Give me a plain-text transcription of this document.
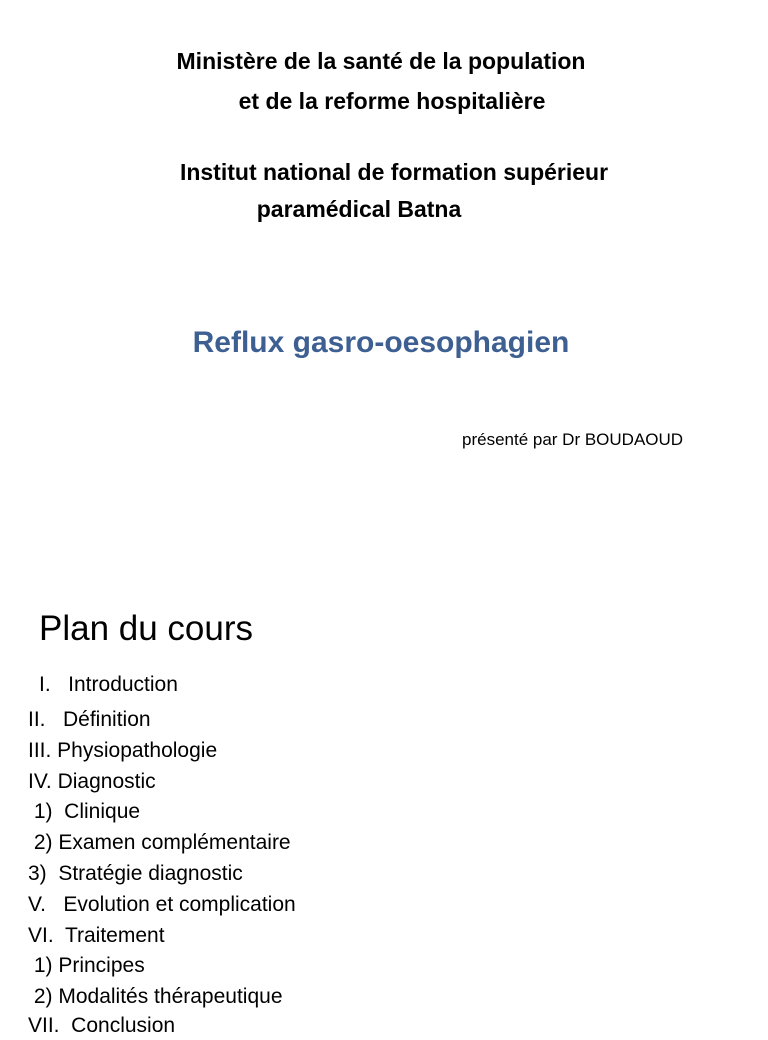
Ministère de la santé de la population
et de la reforme hospitalière
Institut national de formation supérieur
paramédical Batna
Reflux gasro-oesophagien
présenté par Dr BOUDAOUD
Plan du cours
I.   Introduction
II.   Définition
III. Physiopathologie
IV. Diagnostic
1)  Clinique
2) Examen complémentaire
3)  Stratégie diagnostic
V.   Evolution et complication
VI.  Traitement
1) Principes
2) Modalités thérapeutique
VII.  Conclusion
